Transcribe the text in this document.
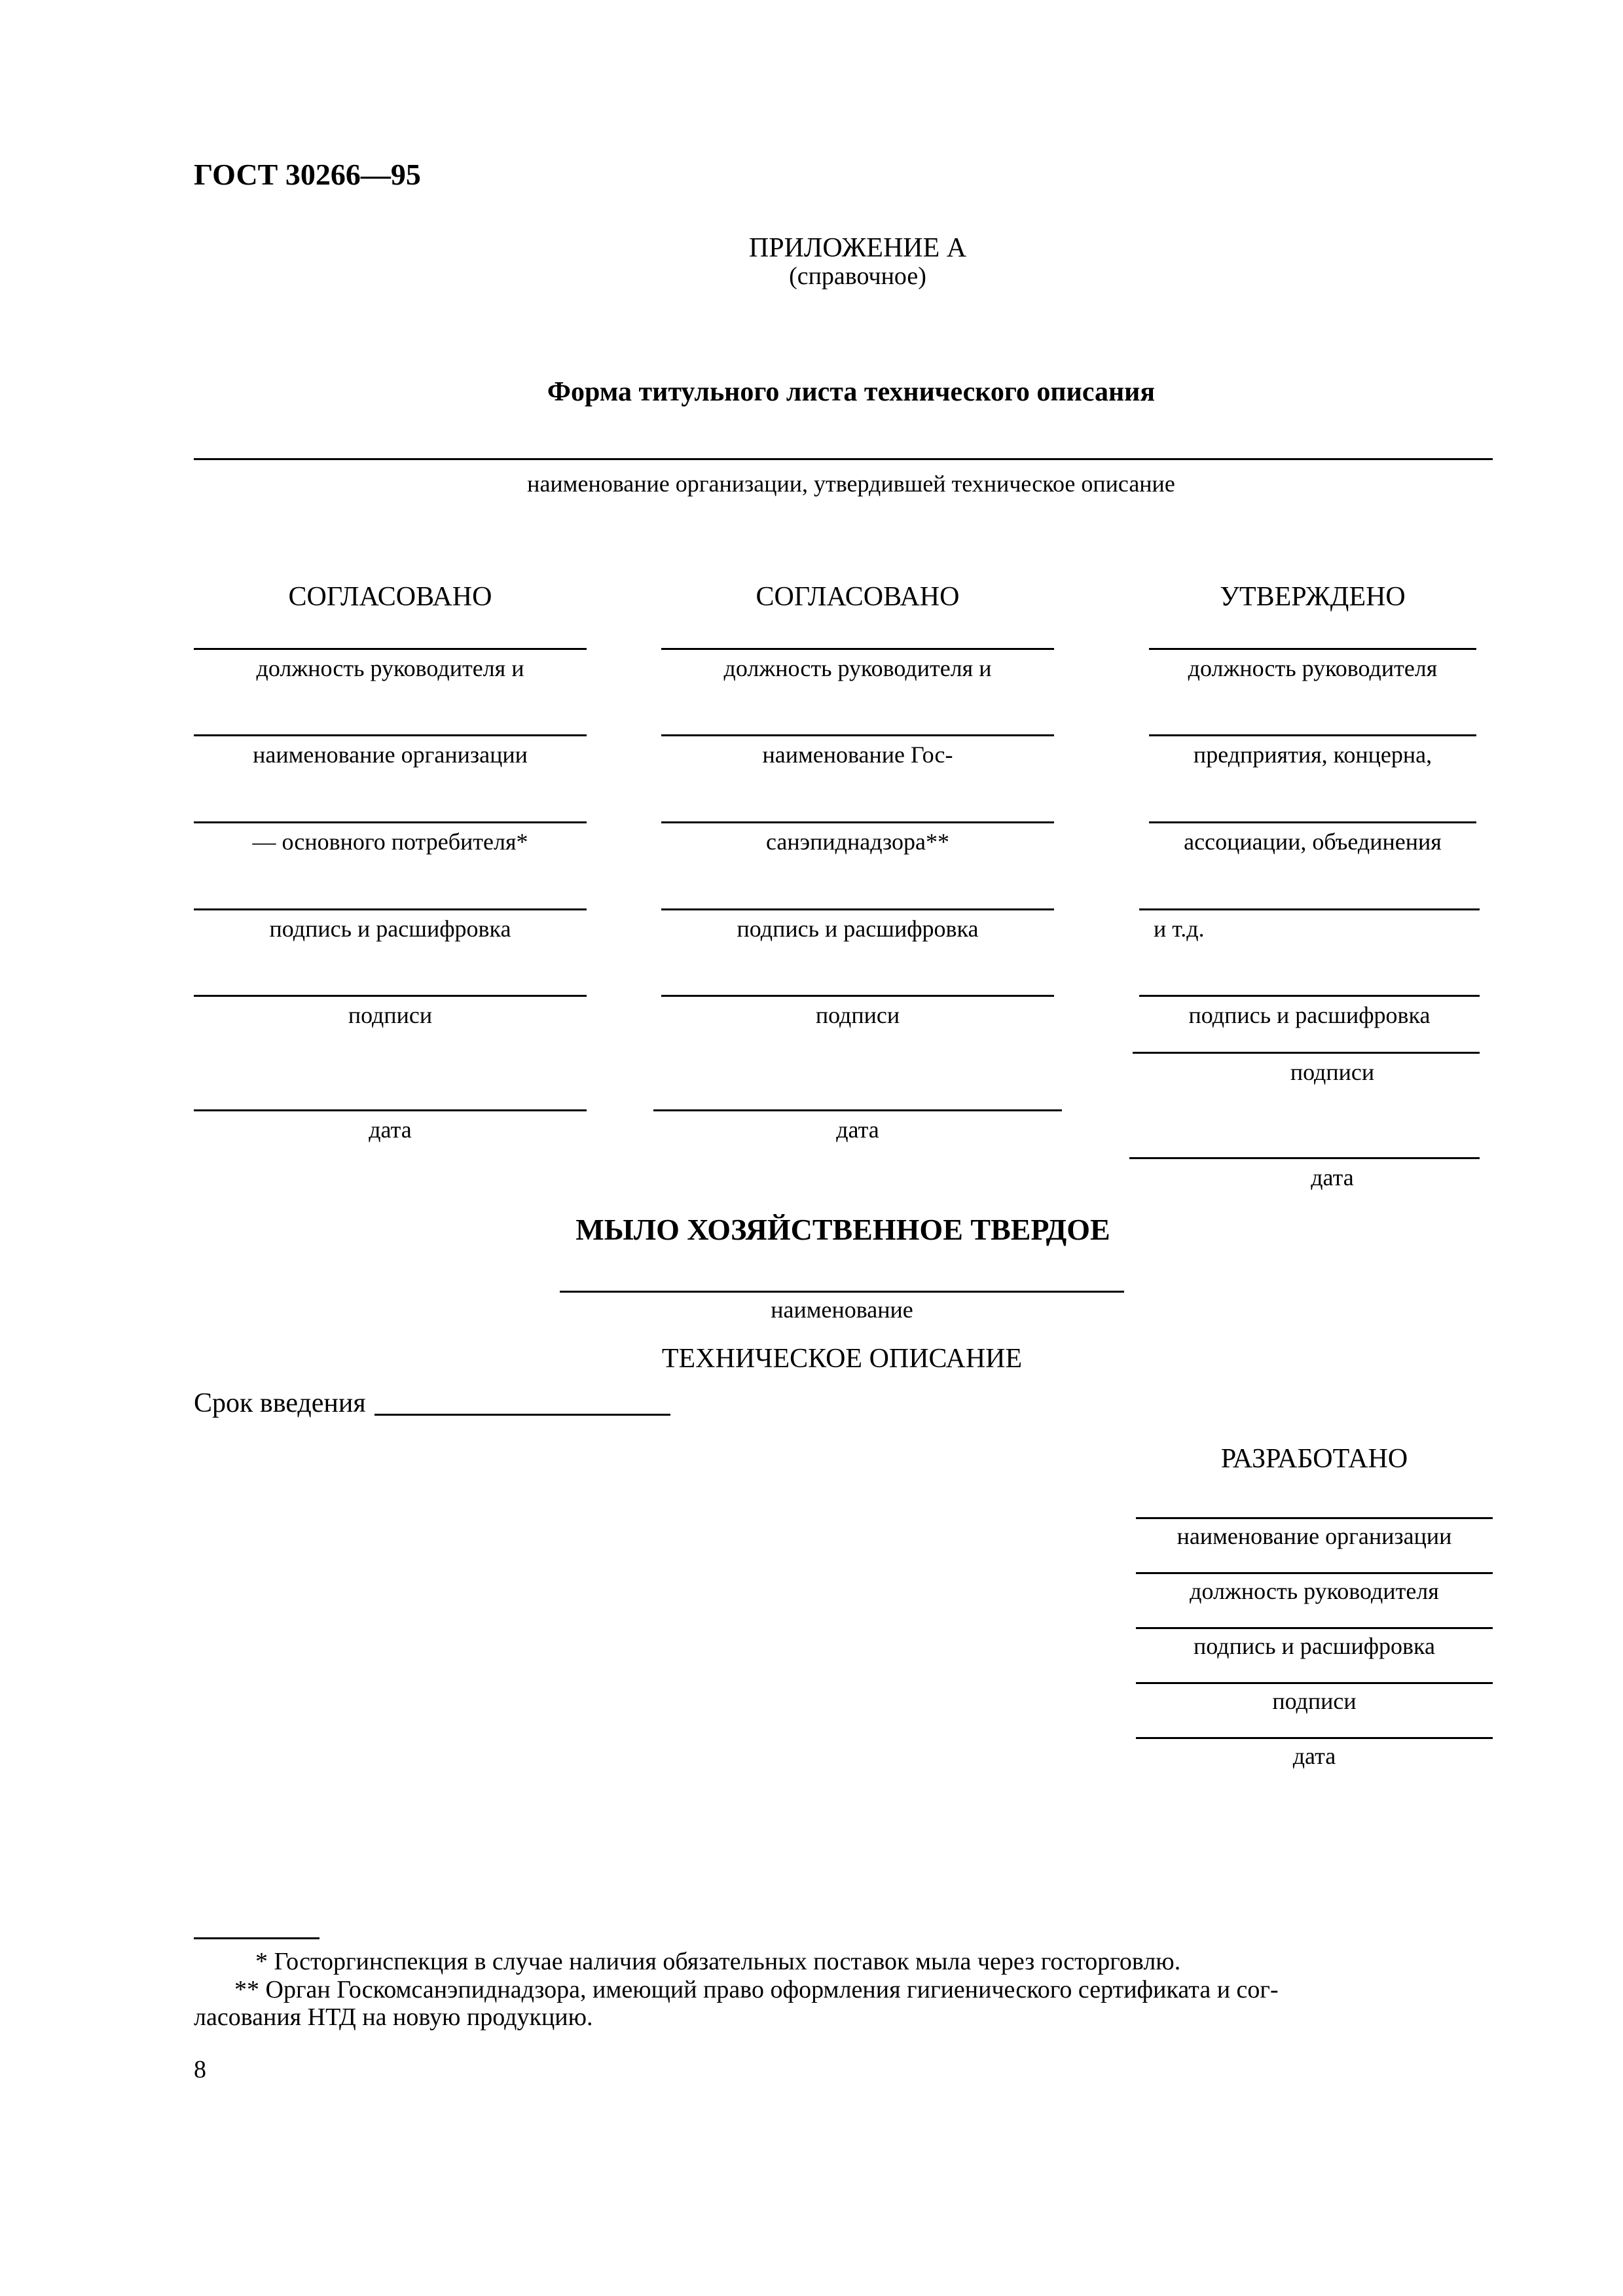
ГОСТ 30266—95
ПРИЛОЖЕНИЕ А
(справочное)
Форма титульного листа технического описания
наименование организации, утвердившей техническое описание
СОГЛАСОВАНО
должность руководителя и
наименование организации
— основного потребителя*
подпись и расшифровка
подписи
дата
СОГЛАСОВАНО
должность руководителя и
наименование Гос-
санэпиднадзора**
подпись и расшифровка
подписи
дата
УТВЕРЖДЕНО
должность руководителя
предприятия, концерна,
ассоциации, объединения
и т.д.
подпись и расшифровка
подписи
дата
МЫЛО ХОЗЯЙСТВЕННОЕ ТВЕРДОЕ
наименование
ТЕХНИЧЕСКОЕ ОПИСАНИЕ
Срок введения
РАЗРАБОТАНО
наименование организации
должность руководителя
подпись и расшифровка
подписи
дата
* Госторгинспекция в случае наличия обязательных поставок мыла через госторговлю.
** Орган Госкомсанэпиднадзора, имеющий право оформления гигиенического сертификата и сог-
ласования НТД на новую продукцию.
8
